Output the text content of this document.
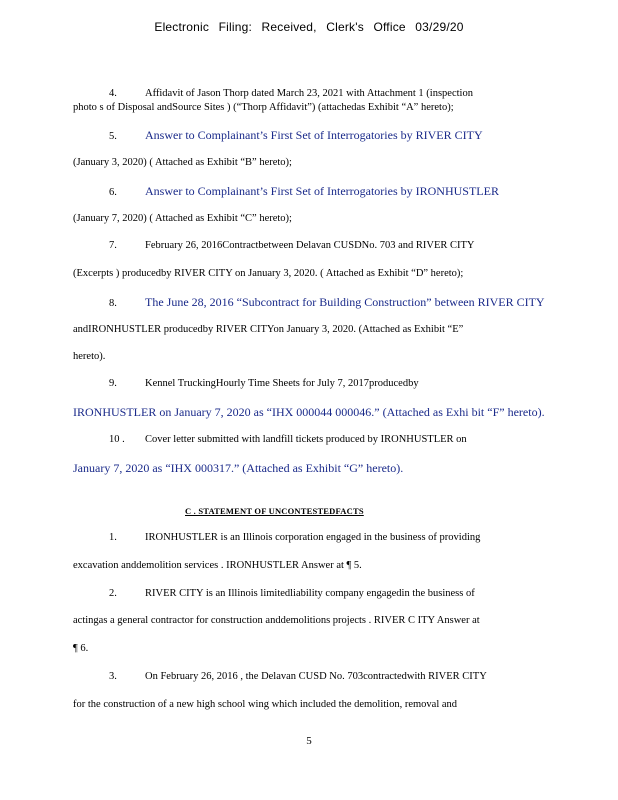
Electronic Filing: Received, Clerk's Office 03/29/20
4.	Affidavit of Jason Thorp dated March 23, 2021 with Attachment 1 (inspection
photo s of Disposal andSource Sites ) (“Thorp Affidavit”) (attachedas Exhibit “A” hereto);
5. Answer to Complainant’s First Set of Interrogatories by RIVER CITY
(January 3, 2020) ( Attached as Exhibit “B” hereto);
6. Answer to Complainant’s First Set of Interrogatories by IRONHUSTLER
(January 7, 2020) ( Attached as Exhibit “C” hereto);
7.	February 26, 2016Contractbetween Delavan CUSDNo. 703 and RIVER CITY
(Excerpts ) producedby RIVER CITY on January 3, 2020. ( Attached as Exhibit “D” hereto);
8. The June 28, 2016 “Subcontract for Building Construction” between RIVER CITY
andIRONHUSTLER producedby RIVER CITYon January 3, 2020. (Attached as Exhibit “E”
hereto).
9.	Kennel TruckingHourly Time Sheets for July 7, 2017producedby
IRONHUSTLER on January 7, 2020 as “IHX 000044 000046.” (Attached as Exhi bit “F” hereto).
10 . Cover letter submitted with landfill tickets produced by IRONHUSTLER on
January 7, 2020 as “IHX 000317.” (Attached as Exhibit “G” hereto).
C . STATEMENT OF UNCONTESTEDFACTS
1.	IRONHUSTLER is an Illinois corporation engaged in the business of providing
excavation anddemolition services . IRONHUSTLER Answer at ¶ 5.
2.	RIVER CITY is an Illinois limitedliability company engagedin the business of
actingas a general contractor for construction anddemolitions projects . RIVER C ITY Answer at
¶ 6.
3.	On February 26, 2016 , the Delavan CUSD No. 703contractedwith RIVER CITY
for the construction of a new high school wing which included the demolition, removal and
5
